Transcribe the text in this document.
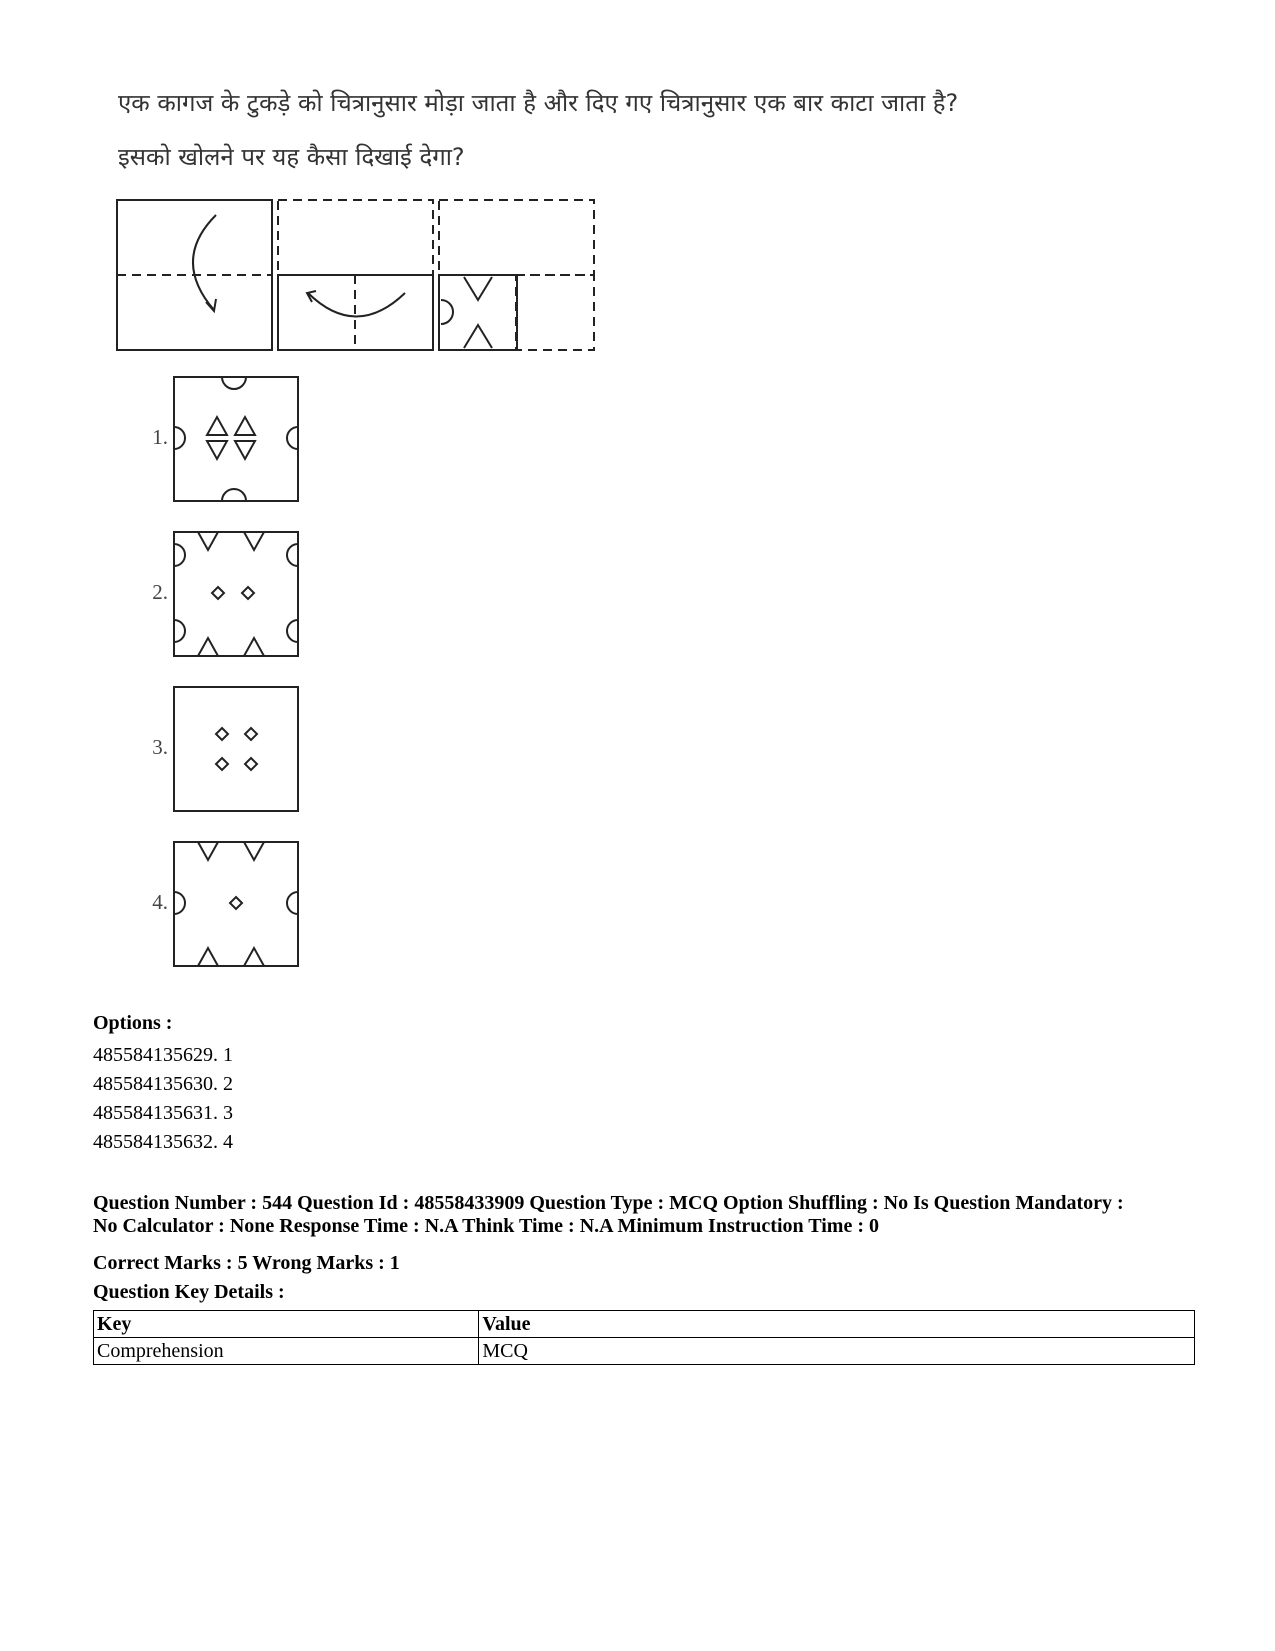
एक कागज के टुकड़े को चित्रानुसार मोड़ा जाता है और दिए गए चित्रानुसार एक बार काटा जाता है?
इसको खोलने पर यह कैसा दिखाई देगा?
1.
2.
3.
4.
Options :
485584135629. 1
485584135630. 2
485584135631. 3
485584135632. 4
Question Number : 544 Question Id : 48558433909 Question Type : MCQ Option Shuffling : No Is Question Mandatory :
No Calculator : None Response Time : N.A Think Time : N.A Minimum Instruction Time : 0
Correct Marks : 5 Wrong Marks : 1
Question Key Details :
Key	Value
Comprehension	MCQ
